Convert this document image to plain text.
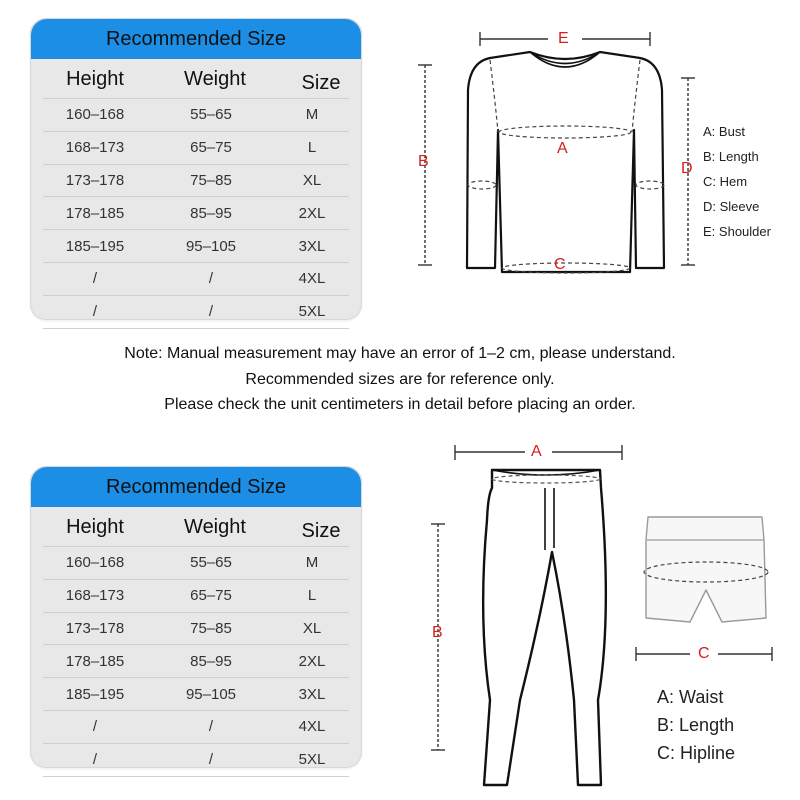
Recommended Size
Height	Weight	Size
160–168	55–65	M
168–173	65–75	L
173–178	75–85	XL
178–185	85–95	2XL
185–195	95–105	3XL
/	/	4XL
/	/	5XL
E
B
A
D
C
A: Bust
B: Length
C: Hem
D: Sleeve
E: Shoulder
Note: Manual measurement may have an error of 1–2 cm, please understand.
Recommended sizes are for reference only.
Please check the unit centimeters in detail before placing an order.
Recommended Size
Height	Weight	Size
160–168	55–65	M
168–173	65–75	L
173–178	75–85	XL
178–185	85–95	2XL
185–195	95–105	3XL
/	/	4XL
/	/	5XL
A
B
C
A: Waist
B: Length
C: Hipline
